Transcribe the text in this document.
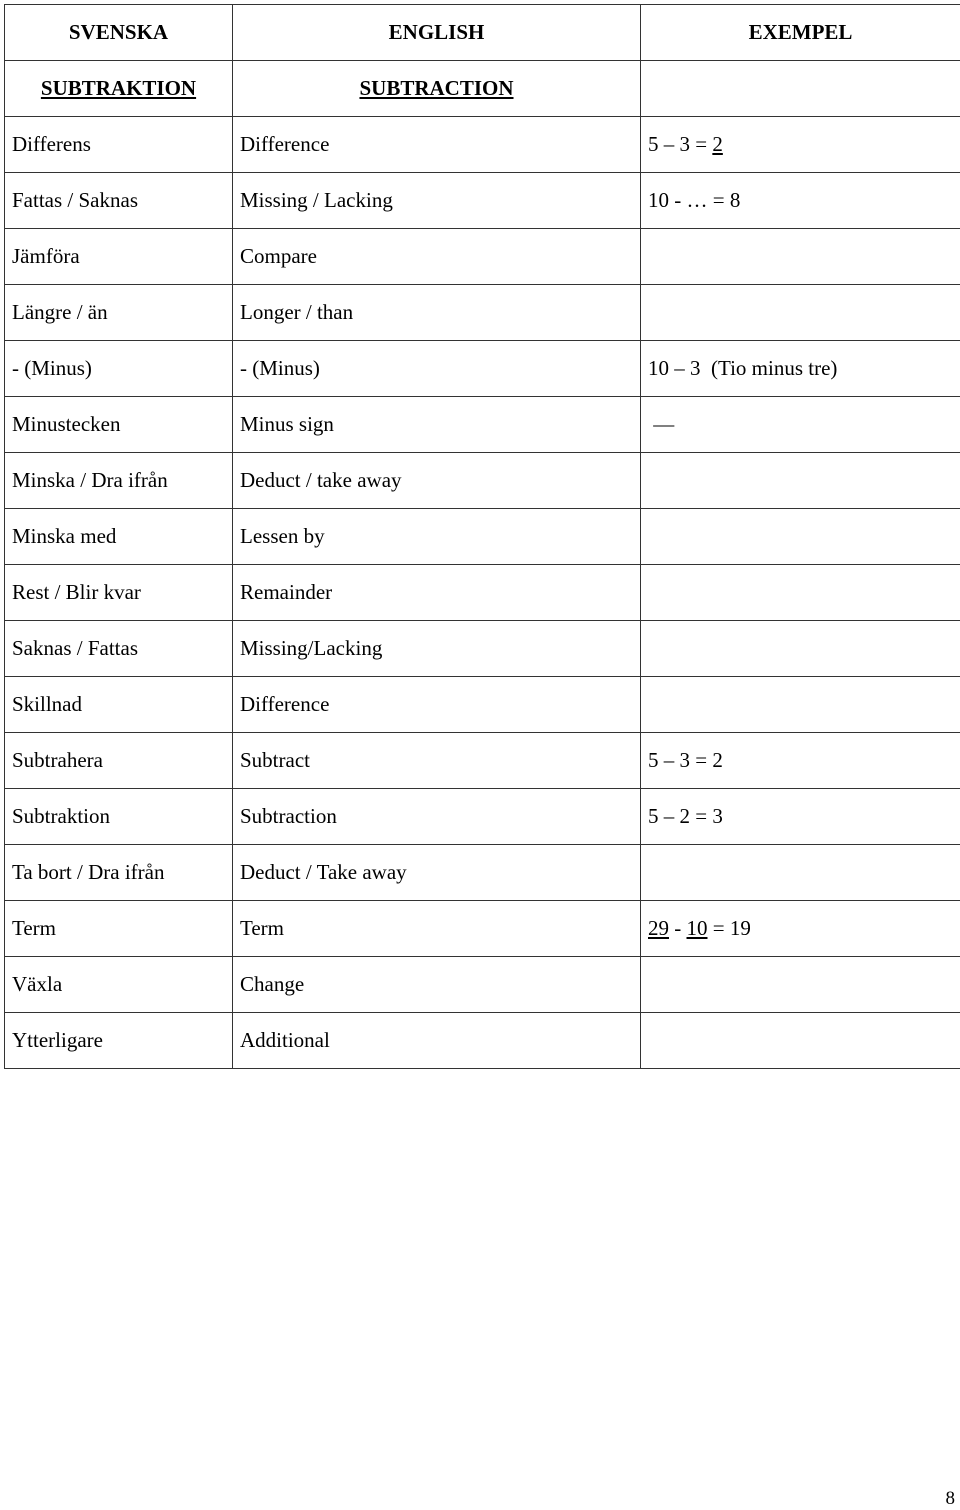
SVENSKA	ENGLISH	EXEMPEL
SUBTRAKTION	SUBTRACTION	
Differens	Difference	5 – 3 = 2
Fattas / Saknas	Missing / Lacking	10 - … = 8
Jämföra	Compare	
Längre / än	Longer / than	
- (Minus)	- (Minus)	10 – 3  (Tio minus tre)
Minustecken	Minus sign	—
Minska / Dra ifrån	Deduct / take away	
Minska med	Lessen by	
Rest / Blir kvar	Remainder	
Saknas / Fattas	Missing/Lacking	
Skillnad	Difference	
Subtrahera	Subtract	5 – 3 = 2
Subtraktion	Subtraction	5 – 2 = 3
Ta bort / Dra ifrån	Deduct / Take away	
Term	Term	29 - 10 = 19
Växla	Change	
Ytterligare	Additional	
8
